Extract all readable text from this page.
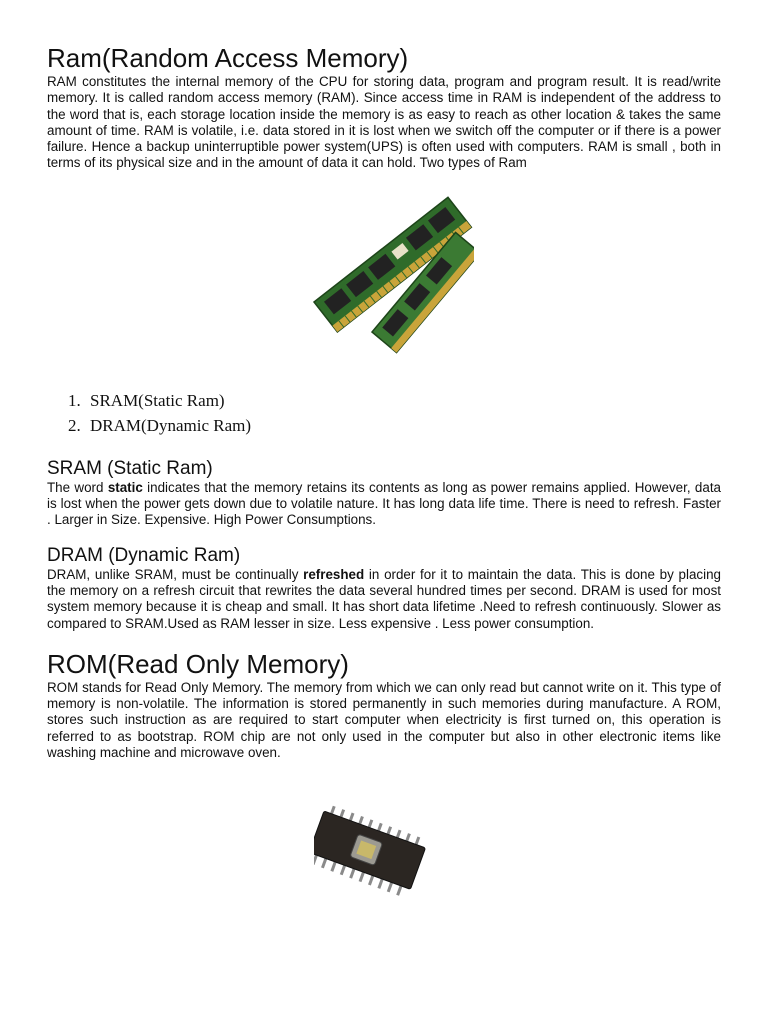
Ram(Random Access Memory)

RAM constitutes the internal memory of the CPU for storing data, program and program result. It is read/write memory. It is called random access memory (RAM). Since access time in RAM is independent of the address to the word that is, each storage location inside the memory is as easy to reach as other location & takes the same amount of time. RAM is volatile, i.e. data stored in it is lost when we switch off the computer or if there is a power failure. Hence a backup uninterruptible power system(UPS) is often used with computers. RAM is small , both in terms of its physical size and in the amount of data it can hold. Two types of Ram

1. SRAM(Static Ram)
2. DRAM(Dynamic Ram)
SRAM (Static Ram)

The word static indicates that the memory retains its contents as long as power remains applied. However, data is lost when the power gets down due to volatile nature. It has long data life time. There is need to refresh. Faster . Larger in Size. Expensive. High Power Consumptions.

DRAM (Dynamic Ram)

DRAM, unlike SRAM, must be continually refreshed in order for it to maintain the data. This is done by placing the memory on a refresh circuit that rewrites the data several hundred times per second. DRAM is used for most system memory because it is cheap and small. It has short data lifetime .Need to refresh continuously. Slower as compared to SRAM.Used as RAM lesser in size. Less expensive . Less power consumption.

ROM(Read Only Memory)

ROM stands for Read Only Memory. The memory from which we can only read but cannot write on it. This type of memory is non-volatile. The information is stored permanently in such memories during manufacture. A ROM, stores such instruction as are required to start computer when electricity is first turned on, this operation is referred to as bootstrap. ROM chip are not only used in the computer but also in other electronic items like washing machine and microwave oven.
